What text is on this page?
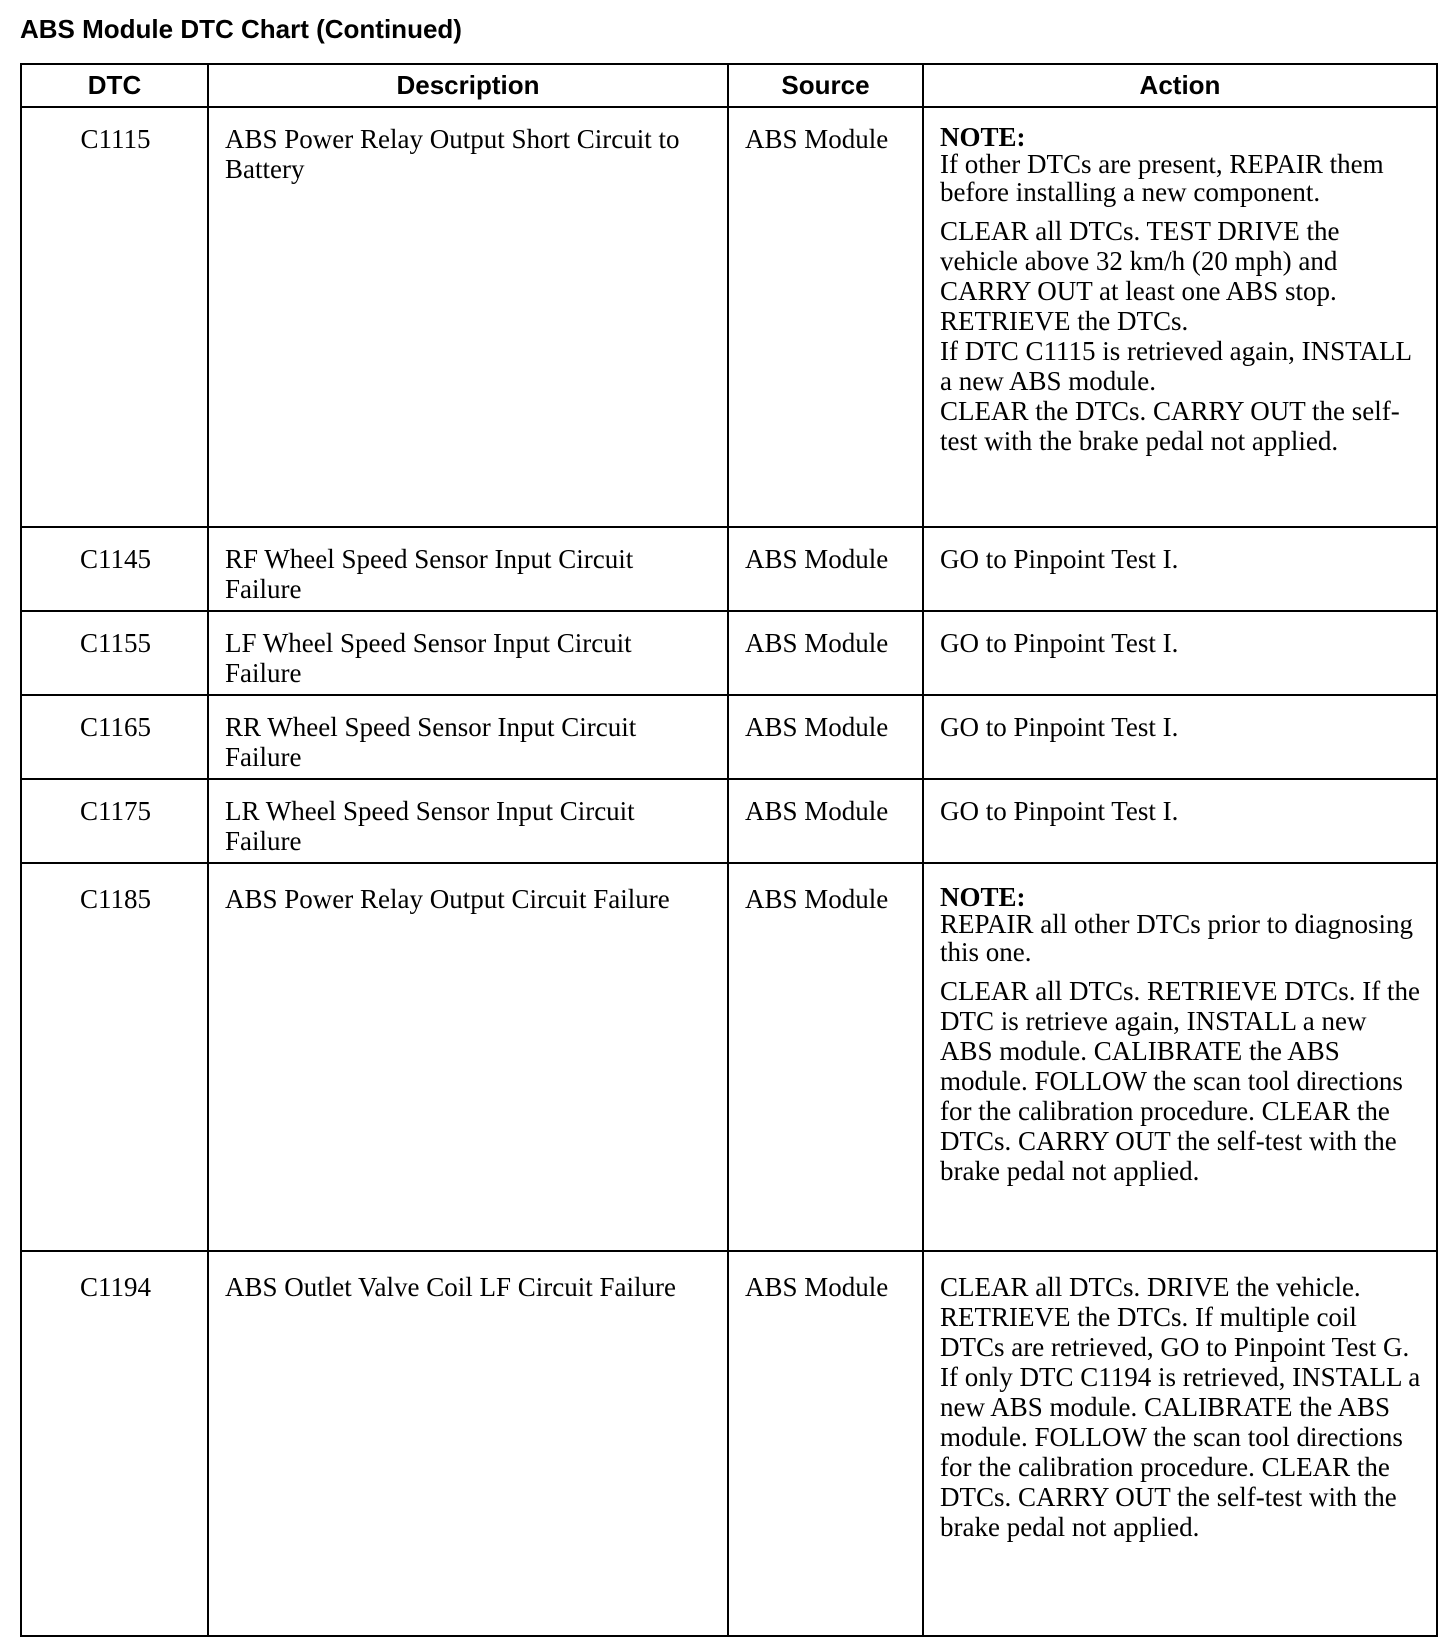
ABS Module DTC Chart (Continued)
DTC	Description	Source	Action
C1115	ABS Power Relay Output Short Circuit to Battery	ABS Module	NOTE:
If other DTCs are present, REPAIR them before installing a new component.
CLEAR all DTCs. TEST DRIVE the vehicle above 32 km/h (20 mph) and CARRY OUT at least one ABS stop. RETRIEVE the DTCs.
If DTC C1115 is retrieved again, INSTALL a new ABS module.
CLEAR the DTCs. CARRY OUT the self-test with the brake pedal not applied.

C1145	RF Wheel Speed Sensor Input Circuit Failure	ABS Module	GO to Pinpoint Test I.
C1155	LF Wheel Speed Sensor Input Circuit Failure	ABS Module	GO to Pinpoint Test I.
C1165	RR Wheel Speed Sensor Input Circuit Failure	ABS Module	GO to Pinpoint Test I.
C1175	LR Wheel Speed Sensor Input Circuit Failure	ABS Module	GO to Pinpoint Test I.
C1185	ABS Power Relay Output Circuit Failure	ABS Module	NOTE:
REPAIR all other DTCs prior to diagnosing this one.
CLEAR all DTCs. RETRIEVE DTCs. If the DTC is retrieve again, INSTALL a new ABS module. CALIBRATE the ABS module. FOLLOW the scan tool directions for the calibration procedure. CLEAR the DTCs. CARRY OUT the self-test with the brake pedal not applied.

C1194	ABS Outlet Valve Coil LF Circuit Failure	ABS Module	CLEAR all DTCs. DRIVE the vehicle. RETRIEVE the DTCs. If multiple coil DTCs are retrieved, GO to Pinpoint Test G. If only DTC C1194 is retrieved, INSTALL a new ABS module. CALIBRATE the ABS module. FOLLOW the scan tool directions for the calibration procedure. CLEAR the DTCs. CARRY OUT the self-test with the brake pedal not applied.
